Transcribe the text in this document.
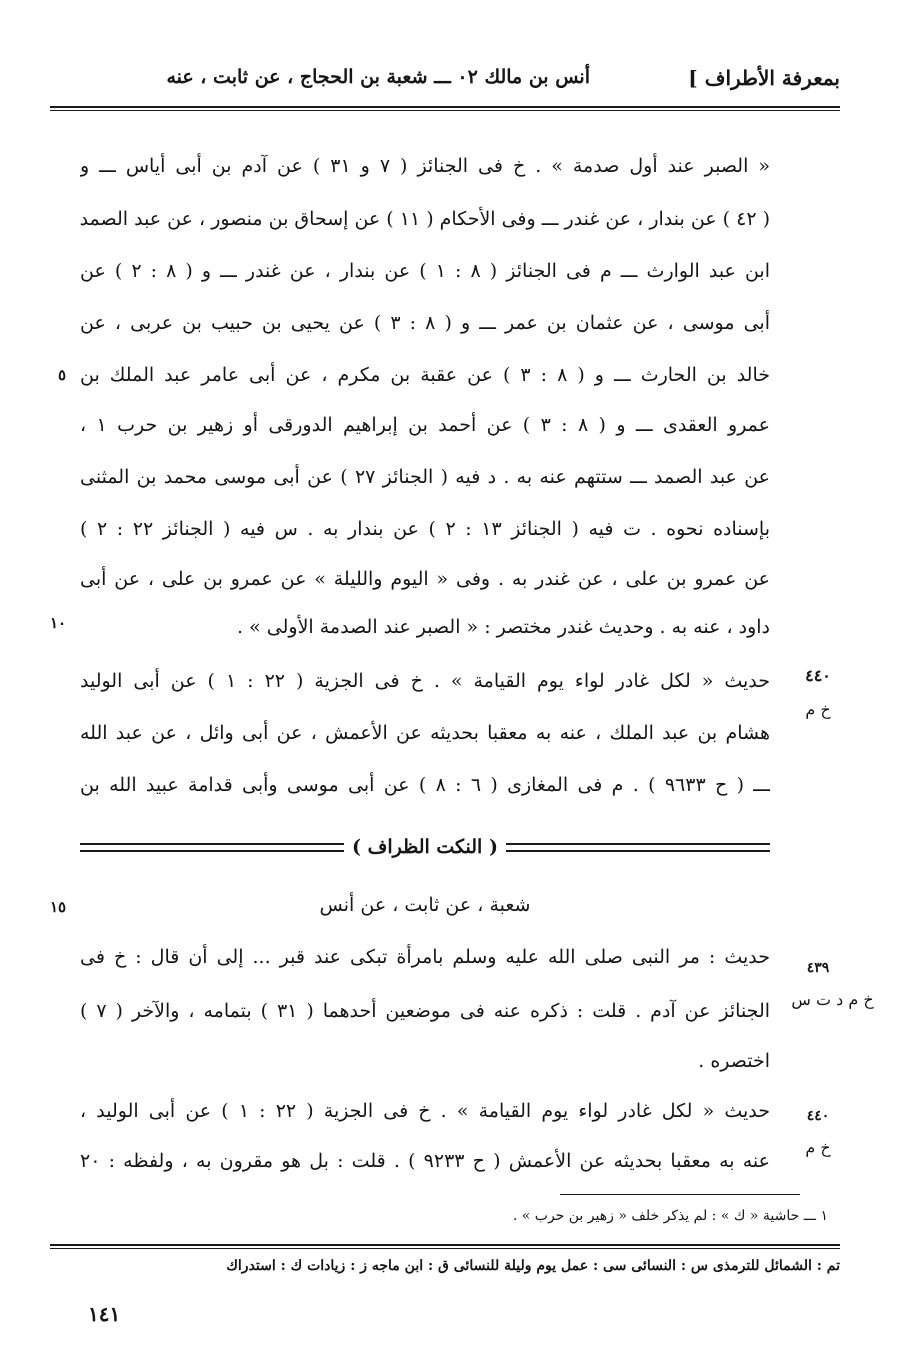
بمعرفة الأطراف ]
أنس بن مالك ٠٢ ـــ شعبة بن الحجاج ، عن ثابت ، عنه
« الصبر عند أول صدمة » . خ فى الجنائز ( ٧ و ٣١ ) عن آدم بن أبى أياس ـــ و
( ٤٢ ) عن بندار ، عن غندر ـــ وفى الأحكام ( ١١ ) عن إسحاق بن منصور ، عن عبد الصمد
ابن عبد الوارث ـــ م فى الجنائز ( ٨ : ١ ) عن بندار ، عن غندر ـــ و ( ٨ : ٢ ) عن
أبى موسى ، عن عثمان بن عمر ـــ و ( ٨ : ٣ ) عن يحيى بن حبيب بن عربى ، عن
خالد بن الحارث ـــ و ( ٨ : ٣ ) عن عقبة بن مكرم ، عن أبى عامر عبد الملك بن
عمرو العقدى ـــ و ( ٨ : ٣ ) عن أحمد بن إبراهيم الدورقى أو زهير بن حرب ١ ،
عن عبد الصمد ـــ ستتهم عنه به . د فيه ( الجنائز ٢٧ ) عن أبى موسى محمد بن المثنى
بإسناده نحوه . ت فيه ( الجنائز ١٣ : ٢ ) عن بندار به . س فيه ( الجنائز ٢٢ : ٢ )
عن عمرو بن على ، عن غندر به . وفى « اليوم والليلة » عن عمرو بن على ، عن أبى
داود ، عنه به . وحديث غندر مختصر : « الصبر عند الصدمة الأولى » .
٥
١٠
٤٤٠
خ م
حديث « لكل غادر لواء يوم القيامة » . خ فى الجزية ( ٢٢ : ١ ) عن أبى الوليد
هشام بن عبد الملك ، عنه به معقبا بحديثه عن الأعمش ، عن أبى وائل ، عن عبد الله
ـــ ( ح ٩٦٣٣ ) . م فى المغازى ( ٦ : ٨ ) عن أبى موسى وأبى قدامة عبيد الله بن
( النكت الظراف )
شعبة ، عن ثابت ، عن أنس
١٥
٤٣٩
خ م د ت س
حديث : مر النبى صلى الله عليه وسلم بامرأة تبكى عند قبر ... إلى أن قال : خ فى
الجنائز عن آدم . قلت : ذكره عنه فى موضعين أحدهما ( ٣١ ) بتمامه ، والآخر ( ٧ )
اختصره .
٤٤٠
خ م
حديث « لكل غادر لواء يوم القيامة » . خ فى الجزية ( ٢٢ : ١ ) عن أبى الوليد ،
عنه به معقبا بحديثه عن الأعمش ( ح ٩٢٣٣ ) . قلت : بل هو مقرون به ، ولفظه : ٢٠
١ ـــ حاشية « ك » : لم يذكر خلف « زهير بن حرب » .
تم : الشمائل للترمذى س : النسائى سى : عمل يوم وليلة للنسائى ق : ابن ماجه ز : زيادات ك : استدراك
١٤١
